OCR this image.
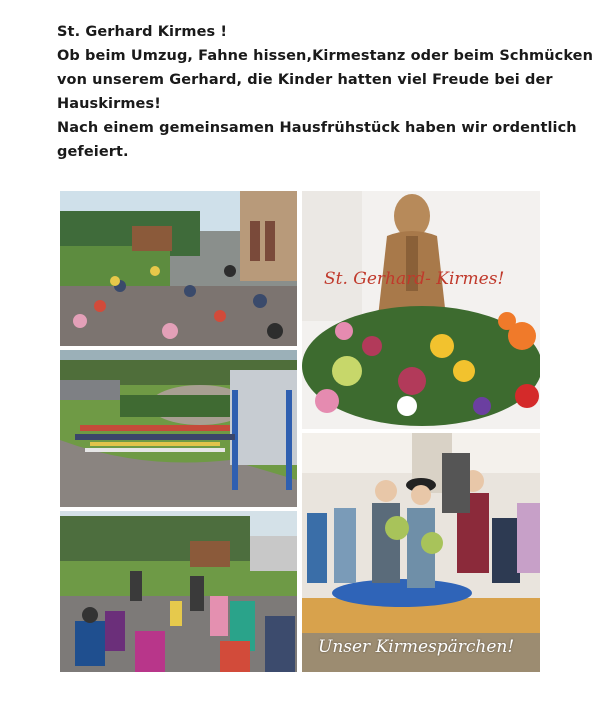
St. Gerhard Kirmes !
Ob beim Umzug, Fahne hissen,Kirmestanz oder beim Schmücken
von unserem Gerhard, die Kinder hatten viel Freude bei der
Hauskirmes!
Nach einem gemeinsamen Hausfrühstück haben wir ordentlich
gefeiert.
St. Gerhard- Kirmes!
Unser Kirmespärchen!
